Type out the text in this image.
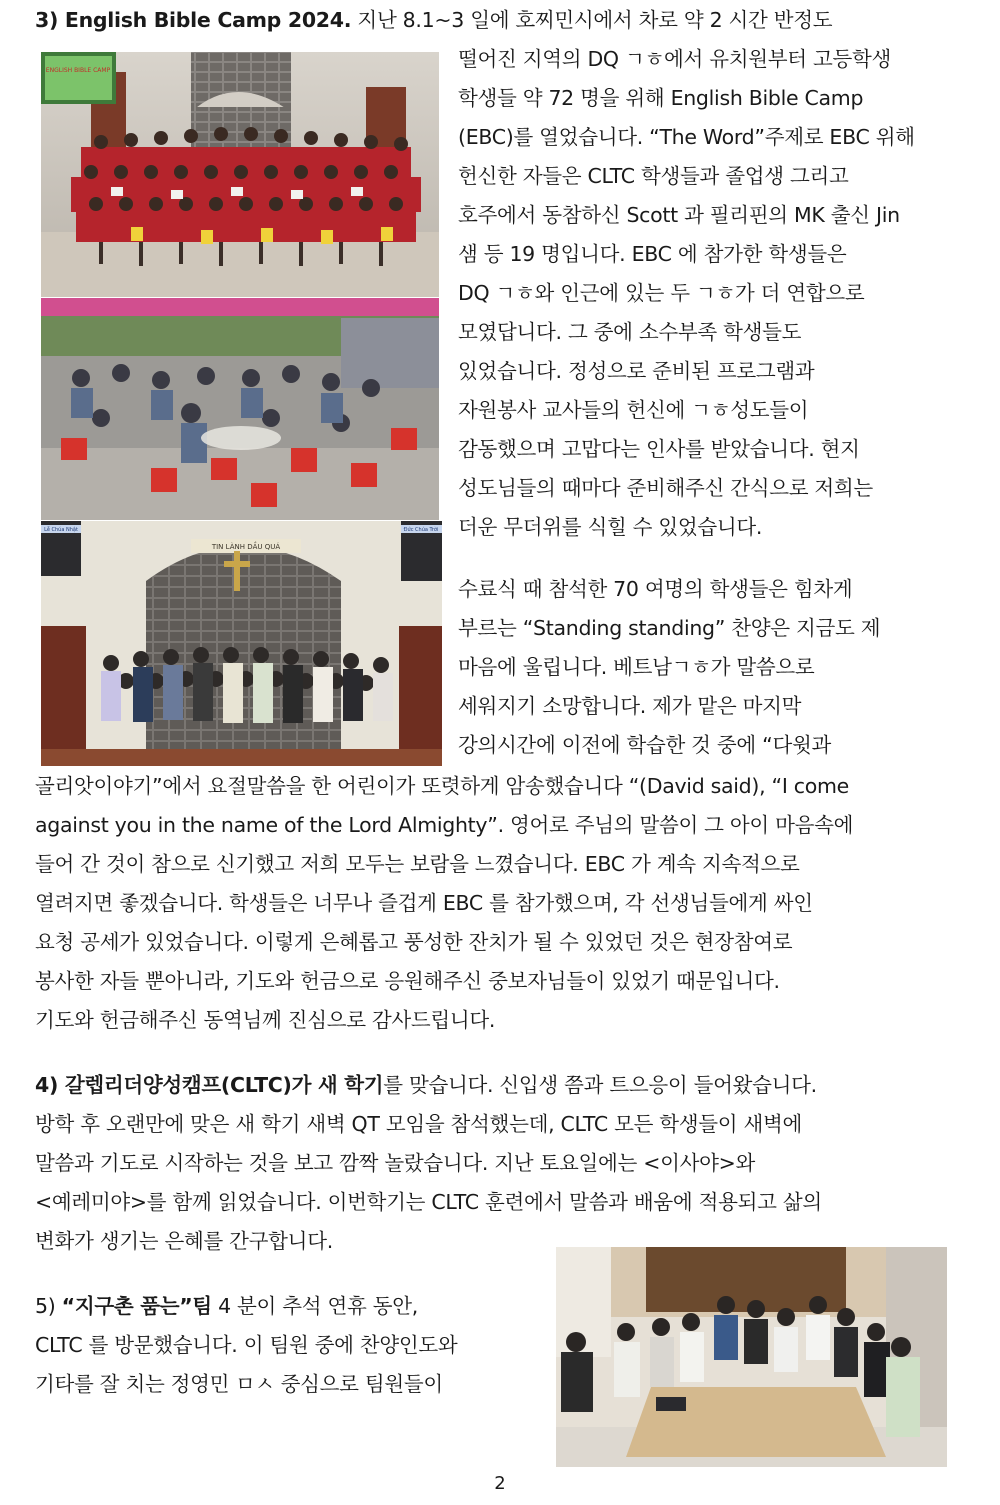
3) English Bible Camp 2024. 지난 8.1~3 일에 호찌민시에서 차로 약 2 시간 반정도
떨어진 지역의 DQ ㄱㅎ에서 유치원부터 고등학생
학생들 약 72 명을 위해 English Bible Camp
(EBC)를 열었습니다. “The Word”주제로 EBC 위해
헌신한 자들은 CLTC 학생들과 졸업생 그리고
호주에서 동참하신 Scott 과 필리핀의 MK 출신 Jin
샘 등 19 명입니다. EBC 에 참가한 학생들은
DQ ㄱㅎ와 인근에 있는 두 ㄱㅎ가 더 연합으로
모였답니다. 그 중에 소수부족 학생들도
있었습니다. 정성으로 준비된 프로그램과
자원봉사 교사들의 헌신에 ㄱㅎ성도들이
감동했으며 고맙다는 인사를 받았습니다. 현지
성도님들의 때마다 준비해주신 간식으로 저희는
더운 무더위를 식힐 수 있었습니다.
수료식 때 참석한 70 여명의 학생들은 힘차게
부르는 “Standing standing” 찬양은 지금도 제
마음에 울립니다. 베트남ㄱㅎ가 말씀으로
세워지기 소망합니다. 제가 맡은 마지막
강의시간에 이전에 학습한 것 중에 “다윗과
골리앗이야기”에서 요절말씀을 한 어린이가 또렷하게 암송했습니다 “(David said), “I come
against you in the name of the Lord Almighty”. 영어로 주님의 말씀이 그 아이 마음속에
들어 간 것이 참으로 신기했고 저희 모두는 보람을 느꼈습니다. EBC 가 계속 지속적으로
열려지면 좋겠습니다. 학생들은 너무나 즐겁게 EBC 를 참가했으며, 각 선생님들에게 싸인
요청 공세가 있었습니다. 이렇게 은혜롭고 풍성한 잔치가 될 수 있었던 것은 현장참여로
봉사한 자들 뿐아니라, 기도와 헌금으로 응원해주신 중보자님들이 있었기 때문입니다.
기도와 헌금해주신 동역님께 진심으로 감사드립니다.
4) 갈렙리더양성캠프(CLTC)가 새 학기를 맞습니다. 신입생 쯤과 트으응이 들어왔습니다.
방학 후 오랜만에 맞은 새 학기 새벽 QT 모임을 참석했는데, CLTC 모든 학생들이 새벽에
말씀과 기도로 시작하는 것을 보고 깜짝 놀랐습니다. 지난 토요일에는 <이사야>와
<예레미야>를 함께 읽었습니다. 이번학기는 CLTC 훈련에서 말씀과 배움에 적용되고 삶의
변화가 생기는 은혜를 간구합니다.
5) “지구촌 품는”팀 4 분이 추석 연휴 동안,
CLTC 를 방문했습니다. 이 팀원 중에 찬양인도와
기타를 잘 치는 정영민 ㅁㅅ 중심으로 팀원들이
ENGLISH BIBLE CAMP
TIN LÀNH DẦU QUÁ
Lễ Chúa Nhật	Đức Chúa Trời
2
